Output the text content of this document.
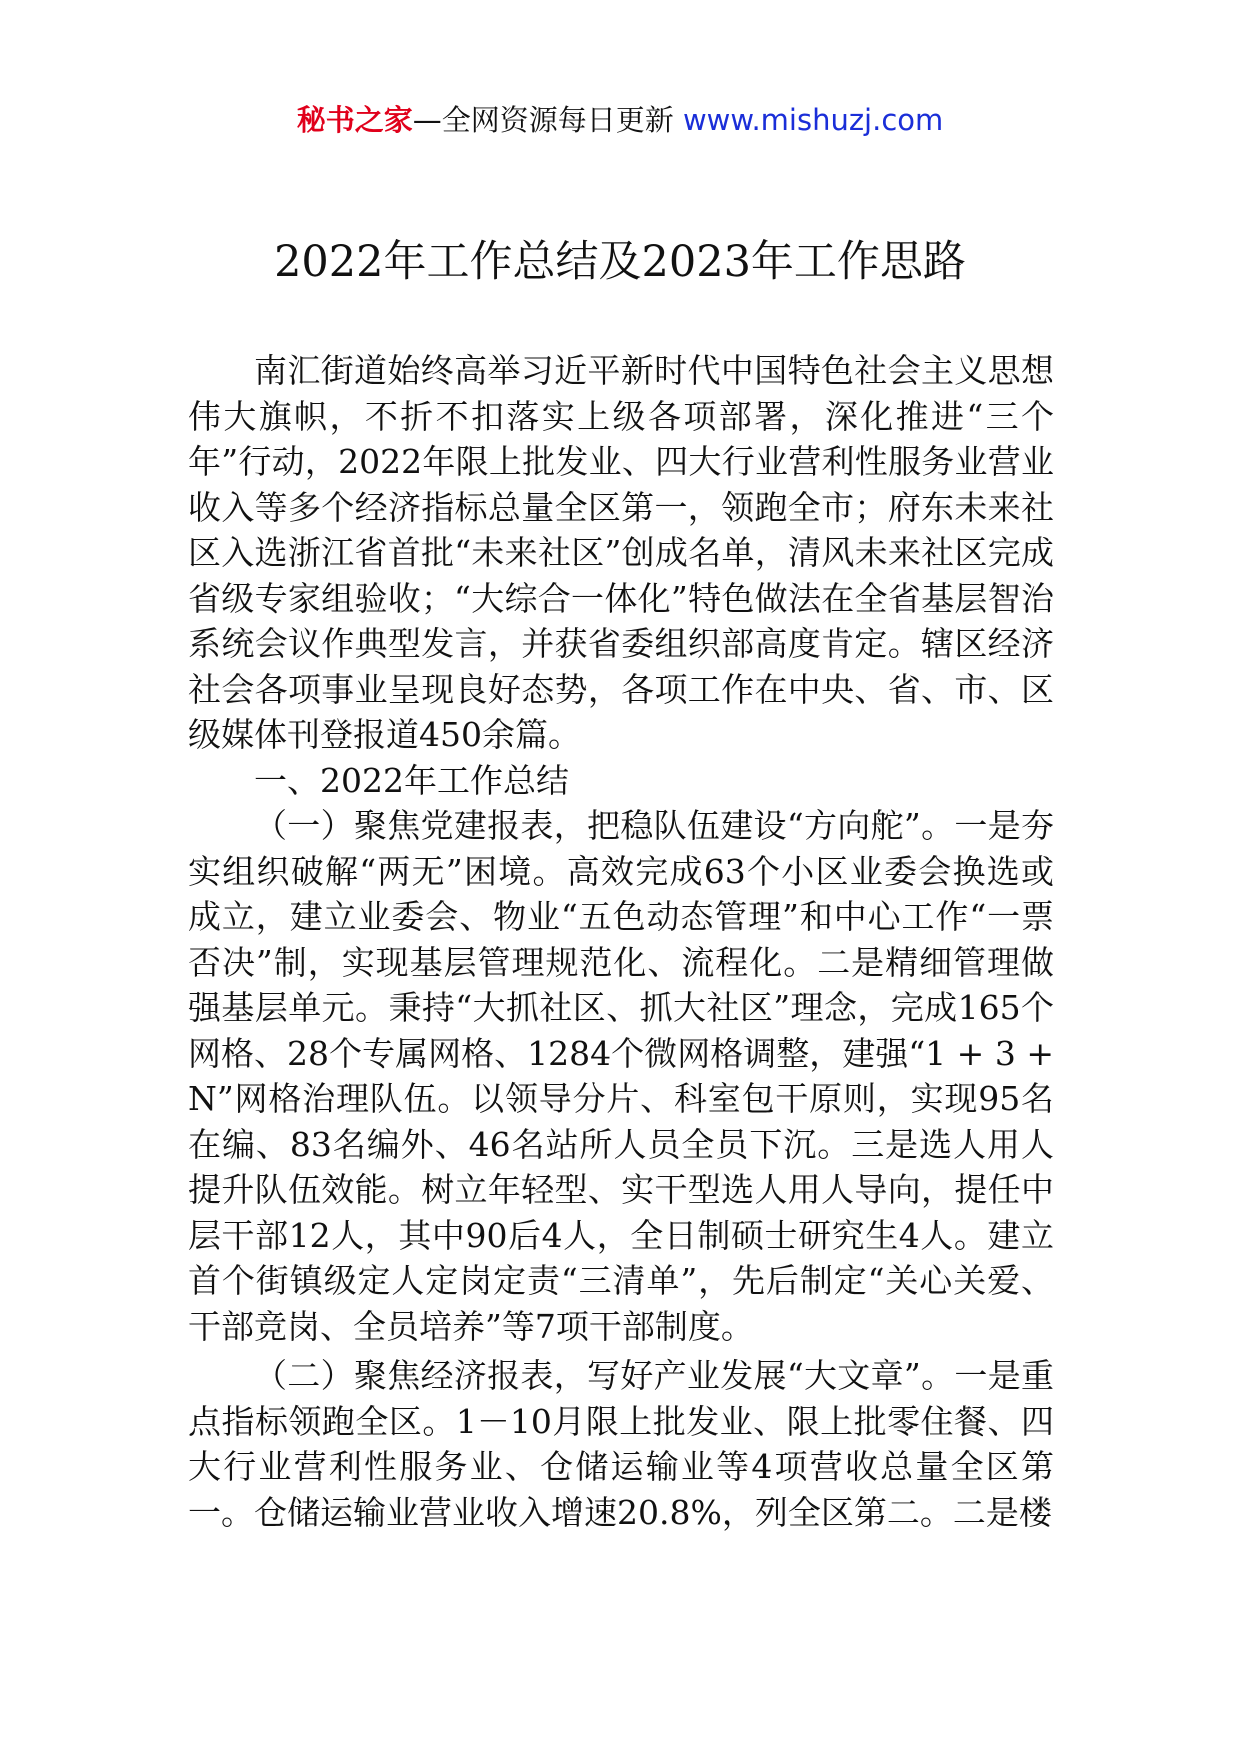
秘书之家—全网资源每日更新 www.mishuzj.com
2022年工作总结及2023年工作思路

南汇街道始终高举习近平新时代中国特色社会主义思想伟大旗帜，不折不扣落实上级各项部署，深化推进“三个年”行动，2022年限上批发业、四大行业营利性服务业营业收入等多个经济指标总量全区第一，领跑全市；府东未来社区入选浙江省首批“未来社区”创成名单，清风未来社区完成省级专家组验收；“大综合一体化”特色做法在全省基层智治系统会议作典型发言，并获省委组织部高度肯定。辖区经济社会各项事业呈现良好态势，各项工作在中央、省、市、区级媒体刊登报道450余篇。

一、2022年工作总结

（一）聚焦党建报表，把稳队伍建设“方向舵”。一是夯实组织破解“两无”困境。高效完成63个小区业委会换选或成立，建立业委会、物业“五色动态管理”和中心工作“一票否决”制，实现基层管理规范化、流程化。二是精细管理做强基层单元。秉持“大抓社区、抓大社区”理念，完成165个网格、28个专属网格、1284个微网格调整，建强“1 + 3 + N”网格治理队伍。以领导分片、科室包干原则，实现95名在编、83名编外、46名站所人员全员下沉。三是选人用人提升队伍效能。树立年轻型、实干型选人用人导向，提任中层干部12人，其中90后4人，全日制硕士研究生4人。建立首个街镇级定人定岗定责“三清单”，先后制定“关心关爱、干部竞岗、全员培养”等7项干部制度。

（二）聚焦经济报表，写好产业发展“大文章”。一是重点指标领跑全区。1－10月限上批发业、限上批零住餐、四大行业营利性服务业、仓储运输业等4项营收总量全区第一。仓储运输业营业收入增速20.8%，列全区第二。二是楼
